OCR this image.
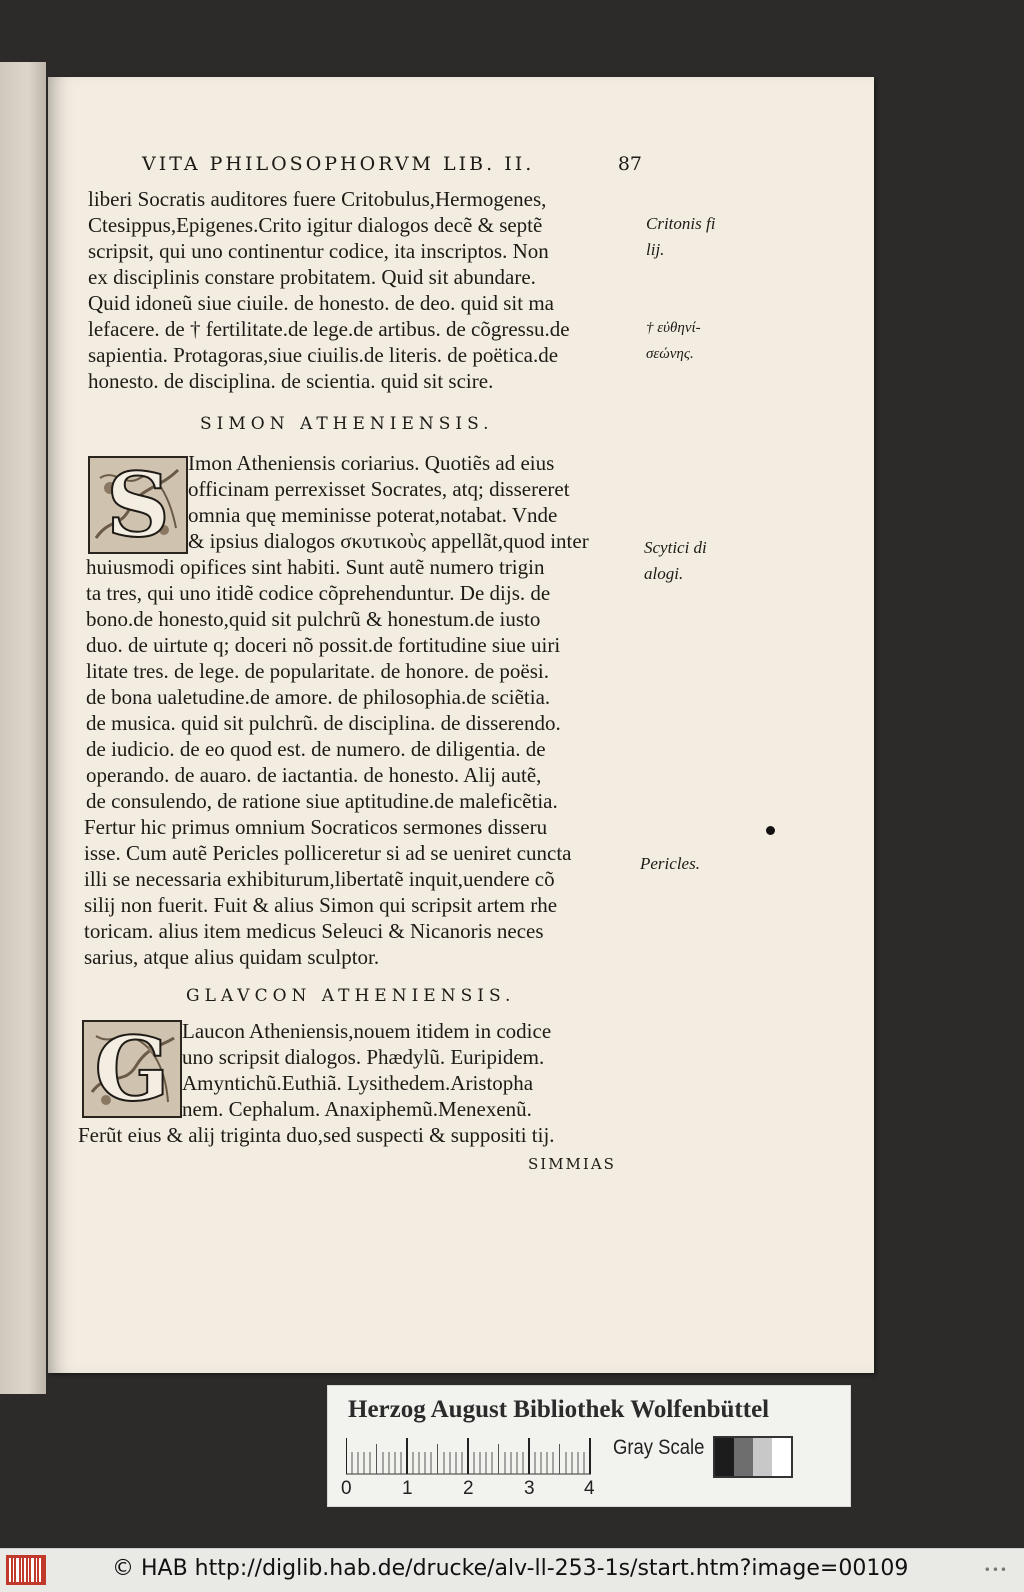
VITA PHILOSOPHORVM LIB. II.	87
liberi Socratis auditores fuere Critobulus,Hermogenes,
Ctesippus,Epigenes.Crito igitur dialogos decẽ & septẽ
scripsit, qui uno continentur codice, ita inscriptos. Non
ex disciplinis constare probitatem. Quid sit abundare.
Quid idoneũ siue ciuile. de honesto. de deo. quid sit ma
lefacere. de † fertilitate.de lege.de artibus. de cõgressu.de
sapientia. Protagoras,siue ciuilis.de literis. de poëtica.de
honesto. de disciplina. de scientia. quid sit scire.
SIMON ATHENIENSIS.
S Imon Atheniensis coriarius. Quotiẽs ad eius
officinam perrexisset Socrates, atq; dissereret
omnia quę meminisse poterat,notabat. Vnde
& ipsius dialogos σκυτικοὺς appellãt,quod inter
huiusmodi opifices sint habiti. Sunt autẽ numero trigin
ta tres, qui uno itidẽ codice cõprehenduntur. De dijs. de
bono.de honesto,quid sit pulchrũ & honestum.de iusto
duo. de uirtute q; doceri nõ possit.de fortitudine siue uiri
litate tres. de lege. de popularitate. de honore. de poësi.
de bona ualetudine.de amore. de philosophia.de sciẽtia.
de musica. quid sit pulchrũ. de disciplina. de disserendo.
de iudicio. de eo quod est. de numero. de diligentia. de
operando. de auaro. de iactantia. de honesto. Alij autẽ,
de consulendo, de ratione siue aptitudine.de maleficẽtia.
Fertur hic primus omnium Socraticos sermones disseru
isse. Cum autẽ Pericles polliceretur si ad se ueniret cuncta
illi se necessaria exhibiturum,libertatẽ inquit,uendere cõ
silij non fuerit. Fuit & alius Simon qui scripsit artem rhe
toricam. alius item medicus Seleuci & Nicanoris neces
sarius, atque alius quidam sculptor.
GLAVCON ATHENIENSIS.
G Laucon Atheniensis,nouem itidem in codice
uno scripsit dialogos. Phædylũ. Euripidem.
Amyntichũ.Euthiã. Lysithedem.Aristopha
nem. Cephalum. Anaxiphemũ.Menexenũ.
Ferũt eius & alij triginta duo,sed suspecti & suppositi tij.
SIMMIAS
Critonis fi
lij.
† εὐθηνί-
σεώνης.
Scytici di
alogi.
Pericles.
Herzog August Bibliothek Wolfenbüttel
0	1	2	3	4
Gray Scale
© HAB http://diglib.hab.de/drucke/alv-ll-253-1s/start.htm?image=00109	•••
